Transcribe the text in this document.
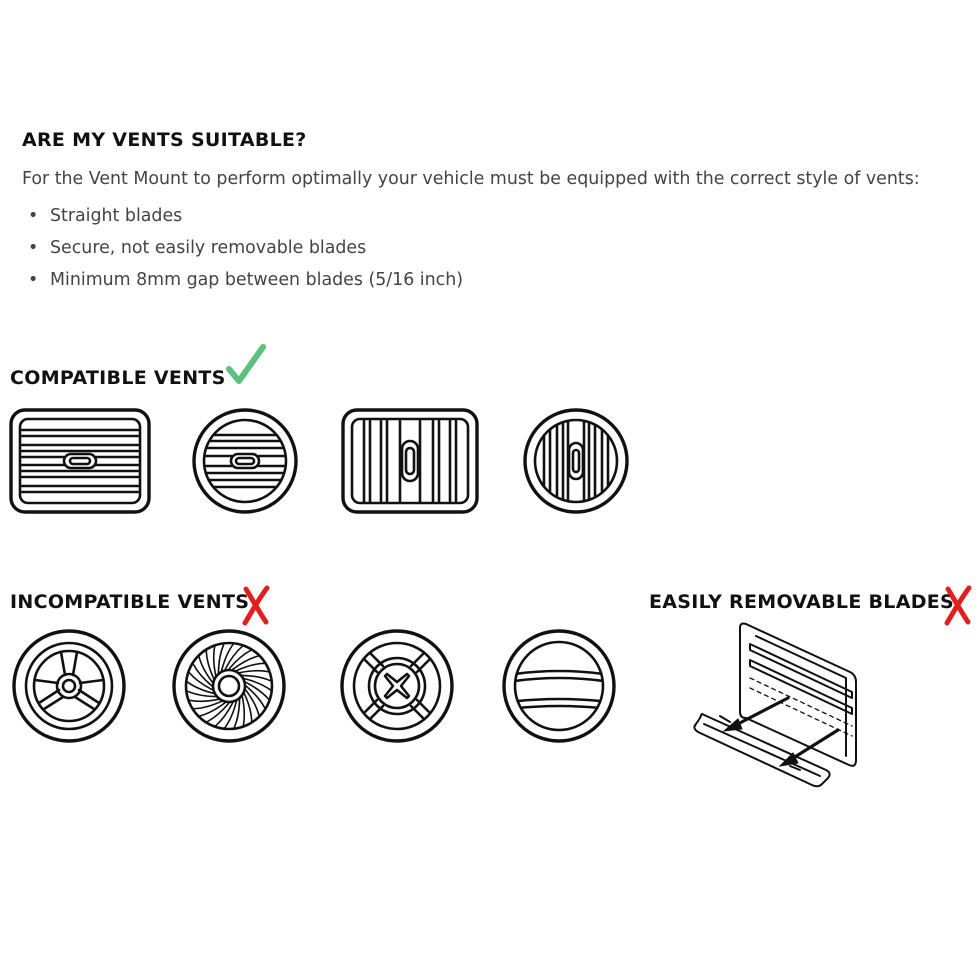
ARE MY VENTS SUITABLE?
For the Vent Mount to perform optimally your vehicle must be equipped with the correct style of vents:
• Straight blades
• Secure, not easily removable blades
• Minimum 8mm gap between blades (5/16 inch)
COMPATIBLE VENTS
INCOMPATIBLE VENTS	EASILY REMOVABLE BLADES
